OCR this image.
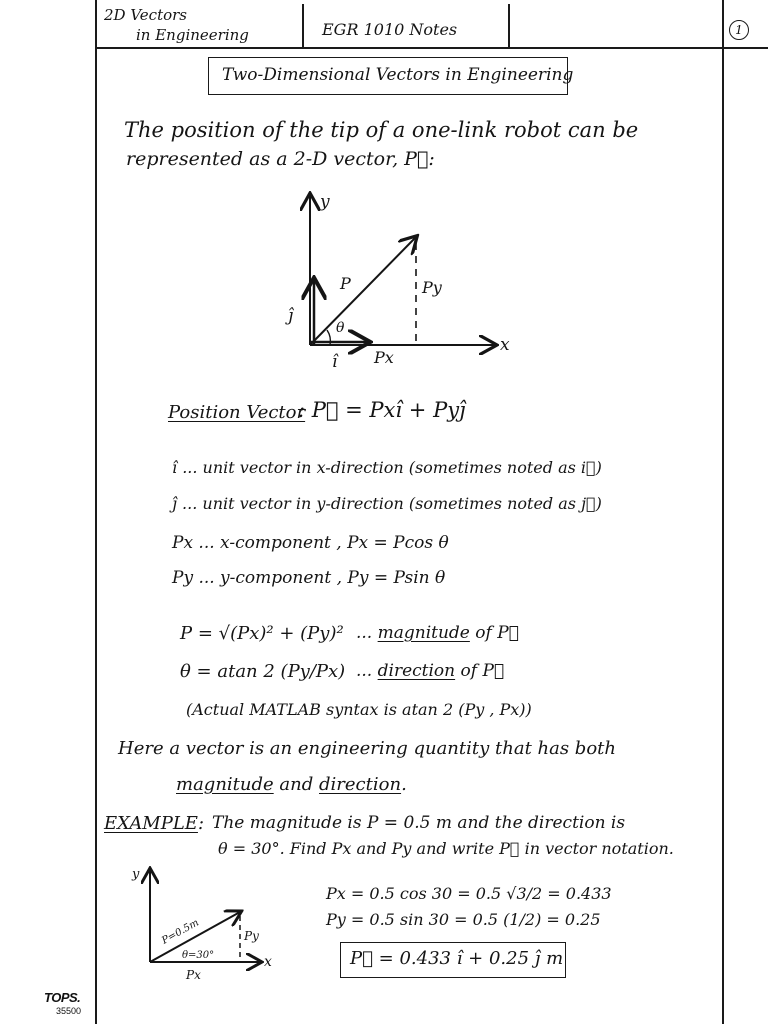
2D Vectors
in Engineering	EGR 1010 Notes	1
Two-Dimensional Vectors in Engineering
The position of the tip of a one-link robot can be
represented as a 2-D vector, P⃗:
y
x
P	Py
Px
ĵ
î
θ
Position Vector
: P⃗ = Pxî + Pyĵ
î ... unit vector in x-direction (sometimes noted as i⃗)
ĵ ... unit vector in y-direction (sometimes noted as j⃗)
Px ... x-component , Px = Pcos θ
Py ... y-component , Py = Psin θ
P = √(Px)² + (Py)² ... magnitude of P⃗
θ = atan 2 (Py/Px) ... direction of P⃗
(Actual MATLAB syntax is atan 2 (Py , Px))
Here a vector is an engineering quantity that has both
magnitude and direction.
EXAMPLE: The magnitude is P = 0.5 m and the direction is
θ = 30°. Find Px and Py and write P⃗ in vector notation.
y
x
P=0.5m
θ=30°
Py
Px
Px = 0.5 cos 30 = 0.5 √3/2 = 0.433
Py = 0.5 sin 30 = 0.5 (1/2) = 0.25
P⃗ = 0.433 î + 0.25 ĵ m
TOPS.
35500
